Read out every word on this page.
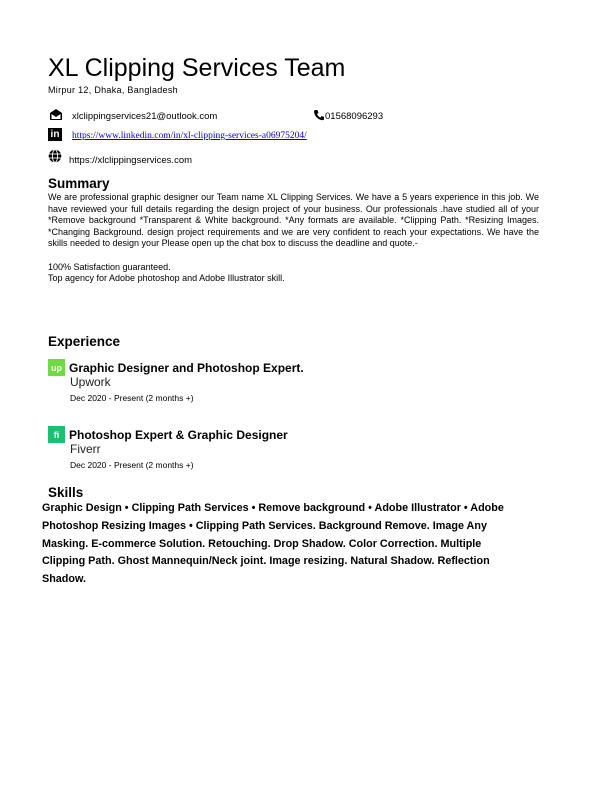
XL Clipping Services Team
Mirpur 12, Dhaka, Bangladesh
xlclippingservices21@outlook.com	01568096293
in https://www.linkedin.com/in/xl-clipping-services-a06975204/
https://xlclippingservices.com
Summary

We are professional graphic designer our Team name XL Clipping Services. We have a 5 years experience in this job. We have reviewed your full details regarding the design project of your business. Our professionals .have studied all of your *Remove background *Transparent & White background. *Any formats are available. *Clipping Path. *Resizing Images. *Changing Background. design project requirements and we are very confident to reach your expectations. We have the skills needed to design your Please open up the chat box to discuss the deadline and quote.-

100% Satisfaction guaranteed.

Top agency for Adobe photoshop and Adobe Illustrator skill.

Experience
up Graphic Designer and Photoshop Expert.
Upwork
Dec 2020 - Present (2 months +)
fi Photoshop Expert & Graphic Designer
Fiverr
Dec 2020 - Present (2 months +)
Skills
Graphic Design • Clipping Path Services • Remove background • Adobe Illustrator • Adobe Photoshop Resizing Images • Clipping Path Services. Background Remove. Image Any Masking. E-commerce Solution. Retouching. Drop Shadow. Color Correction. Multiple Clipping Path. Ghost Mannequin/Neck joint. Image resizing. Natural Shadow. Reflection Shadow.
